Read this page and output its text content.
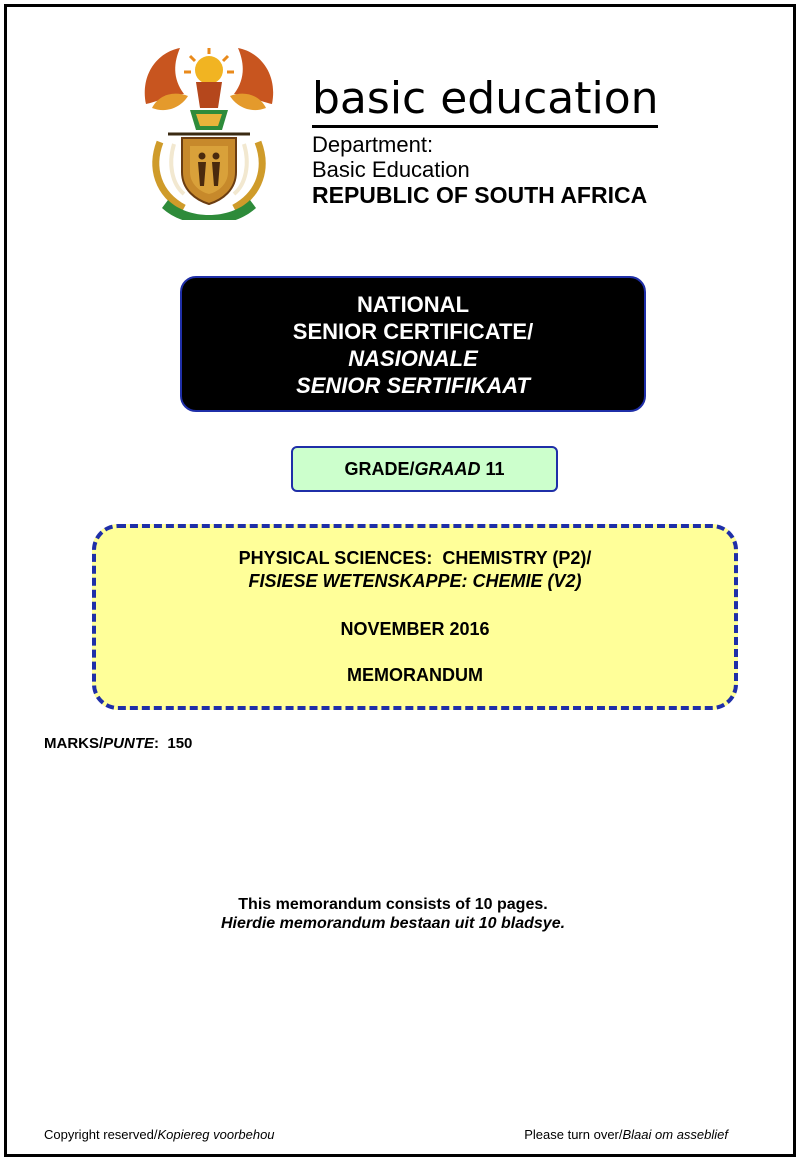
basic education
Department:
Basic Education
REPUBLIC OF SOUTH AFRICA
NATIONAL
SENIOR CERTIFICATE/
NASIONALE
SENIOR SERTIFIKAAT
GRADE/GRAAD 11
PHYSICAL SCIENCES:  CHEMISTRY (P2)/
FISIESE WETENSKAPPE: CHEMIE (V2)
NOVEMBER 2016
MEMORANDUM
MARKS/PUNTE:  150
This memorandum consists of 10 pages.
Hierdie memorandum bestaan uit 10 bladsye.
Copyright reserved/Kopiereg voorbehou	Please turn over/Blaai om asseblief
